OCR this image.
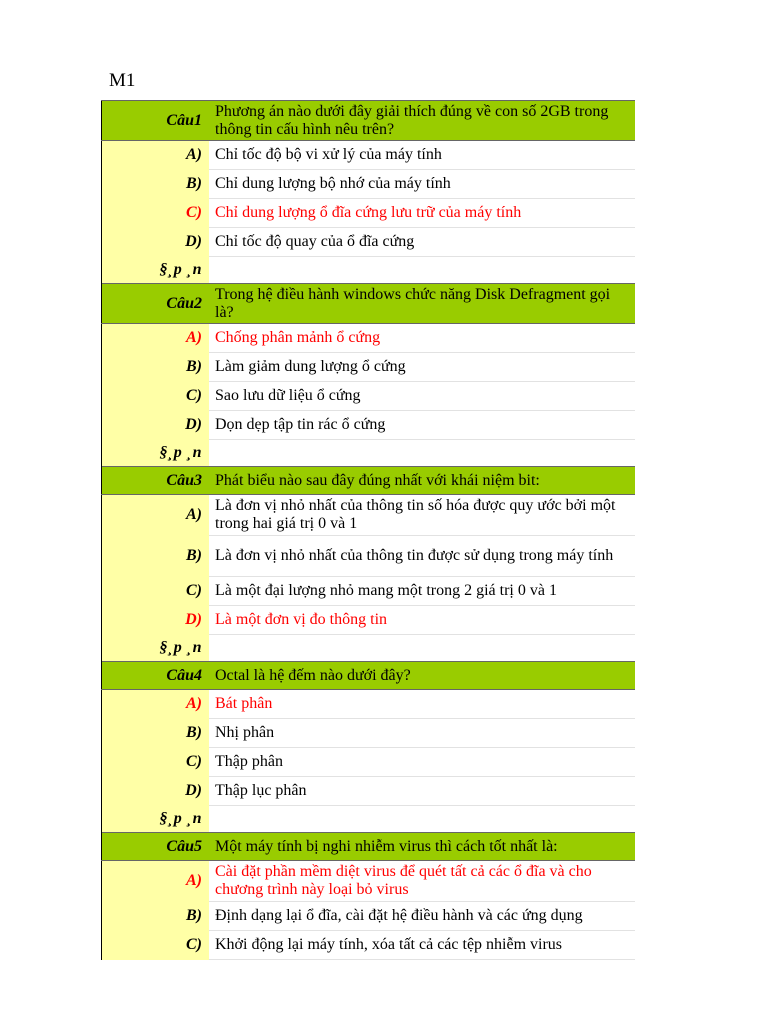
M1
Câu1	Phương án nào dưới đây giải thích đúng về con số 2GB trong thông tin cấu hình nêu trên?
A)	Chỉ tốc độ bộ vi xử lý của máy tính
B)	Chỉ dung lượng bộ nhớ của máy tính
C)	Chỉ dung lượng ổ đĩa cứng lưu trữ của máy tính
D)	Chỉ tốc độ quay của ổ đĩa cứng
§¸p ¸n	
Câu2	Trong hệ điều hành windows chức năng Disk Defragment gọi là?
A)	Chống phân mảnh ổ cứng
B)	Làm giảm dung lượng ổ cứng
C)	Sao lưu dữ liệu ổ cứng
D)	Dọn dẹp tập tin rác ổ cứng
§¸p ¸n	
Câu3	Phát biểu nào sau đây đúng nhất với khái niệm bit:
A)	Là đơn vị nhỏ nhất của thông tin số hóa được quy ước bởi một trong hai giá trị 0 và 1
B)	Là đơn vị nhỏ nhất của thông tin được sử dụng trong máy tính
C)	Là một đại lượng nhỏ mang một trong 2 giá trị 0 và 1
D)	Là một đơn vị đo thông tin
§¸p ¸n	
Câu4	Octal là hệ đếm nào dưới đây?
A)	Bát phân
B)	Nhị phân
C)	Thập phân
D)	Thập lục phân
§¸p ¸n	
Câu5	Một máy tính bị nghi nhiễm virus thì cách tốt nhất là:
A)	Cài đặt phần mềm diệt virus để quét tất cả các ổ đĩa và cho chương trình này loại bỏ virus
B)	Định dạng lại ổ đĩa, cài đặt hệ điều hành và các ứng dụng
C)	Khởi động lại máy tính, xóa tất cả các tệp nhiễm virus
